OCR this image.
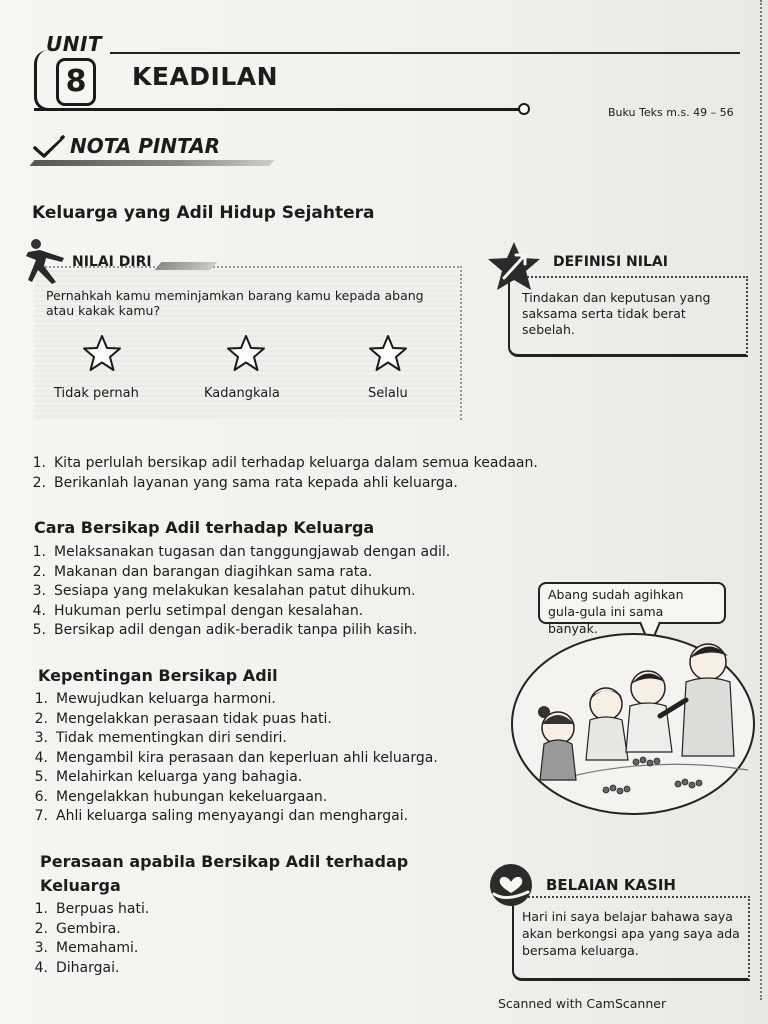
UNIT
8	KEADILAN
Buku Teks m.s. 49 – 56
NOTA PINTAR
Keluarga yang Adil Hidup Sejahtera
NILAI DIRI
Pernahkah kamu meminjamkan barang kamu kepada abang atau kakak kamu?
Tidak pernah	Kadangkala	Selalu
DEFINISI NILAI
Tindakan dan keputusan yang saksama serta tidak berat sebelah.
1. Kita perlulah bersikap adil terhadap keluarga dalam semua keadaan.
2. Berikanlah layanan yang sama rata kepada ahli keluarga.
Cara Bersikap Adil terhadap Keluarga
1. Melaksanakan tugasan dan tanggungjawab dengan adil.
2. Makanan dan barangan diagihkan sama rata.
3. Sesiapa yang melakukan kesalahan patut dihukum.
4. Hukuman perlu setimpal dengan kesalahan.
5. Bersikap adil dengan adik-beradik tanpa pilih kasih.
Abang sudah agihkan gula-gula ini sama banyak.
Kepentingan Bersikap Adil
1. Mewujudkan keluarga harmoni.
2. Mengelakkan perasaan tidak puas hati.
3. Tidak mementingkan diri sendiri.
4. Mengambil kira perasaan dan keperluan ahli keluarga.
5. Melahirkan keluarga yang bahagia.
6. Mengelakkan hubungan kekeluargaan.
7. Ahli keluarga saling menyayangi dan menghargai.
Perasaan apabila Bersikap Adil terhadap
Keluarga
1. Berpuas hati.
2. Gembira.
3. Memahami.
4. Dihargai.
BELAIAN KASIH
Hari ini saya belajar bahawa saya akan berkongsi apa yang saya ada bersama keluarga.
Scanned with CamScanner
